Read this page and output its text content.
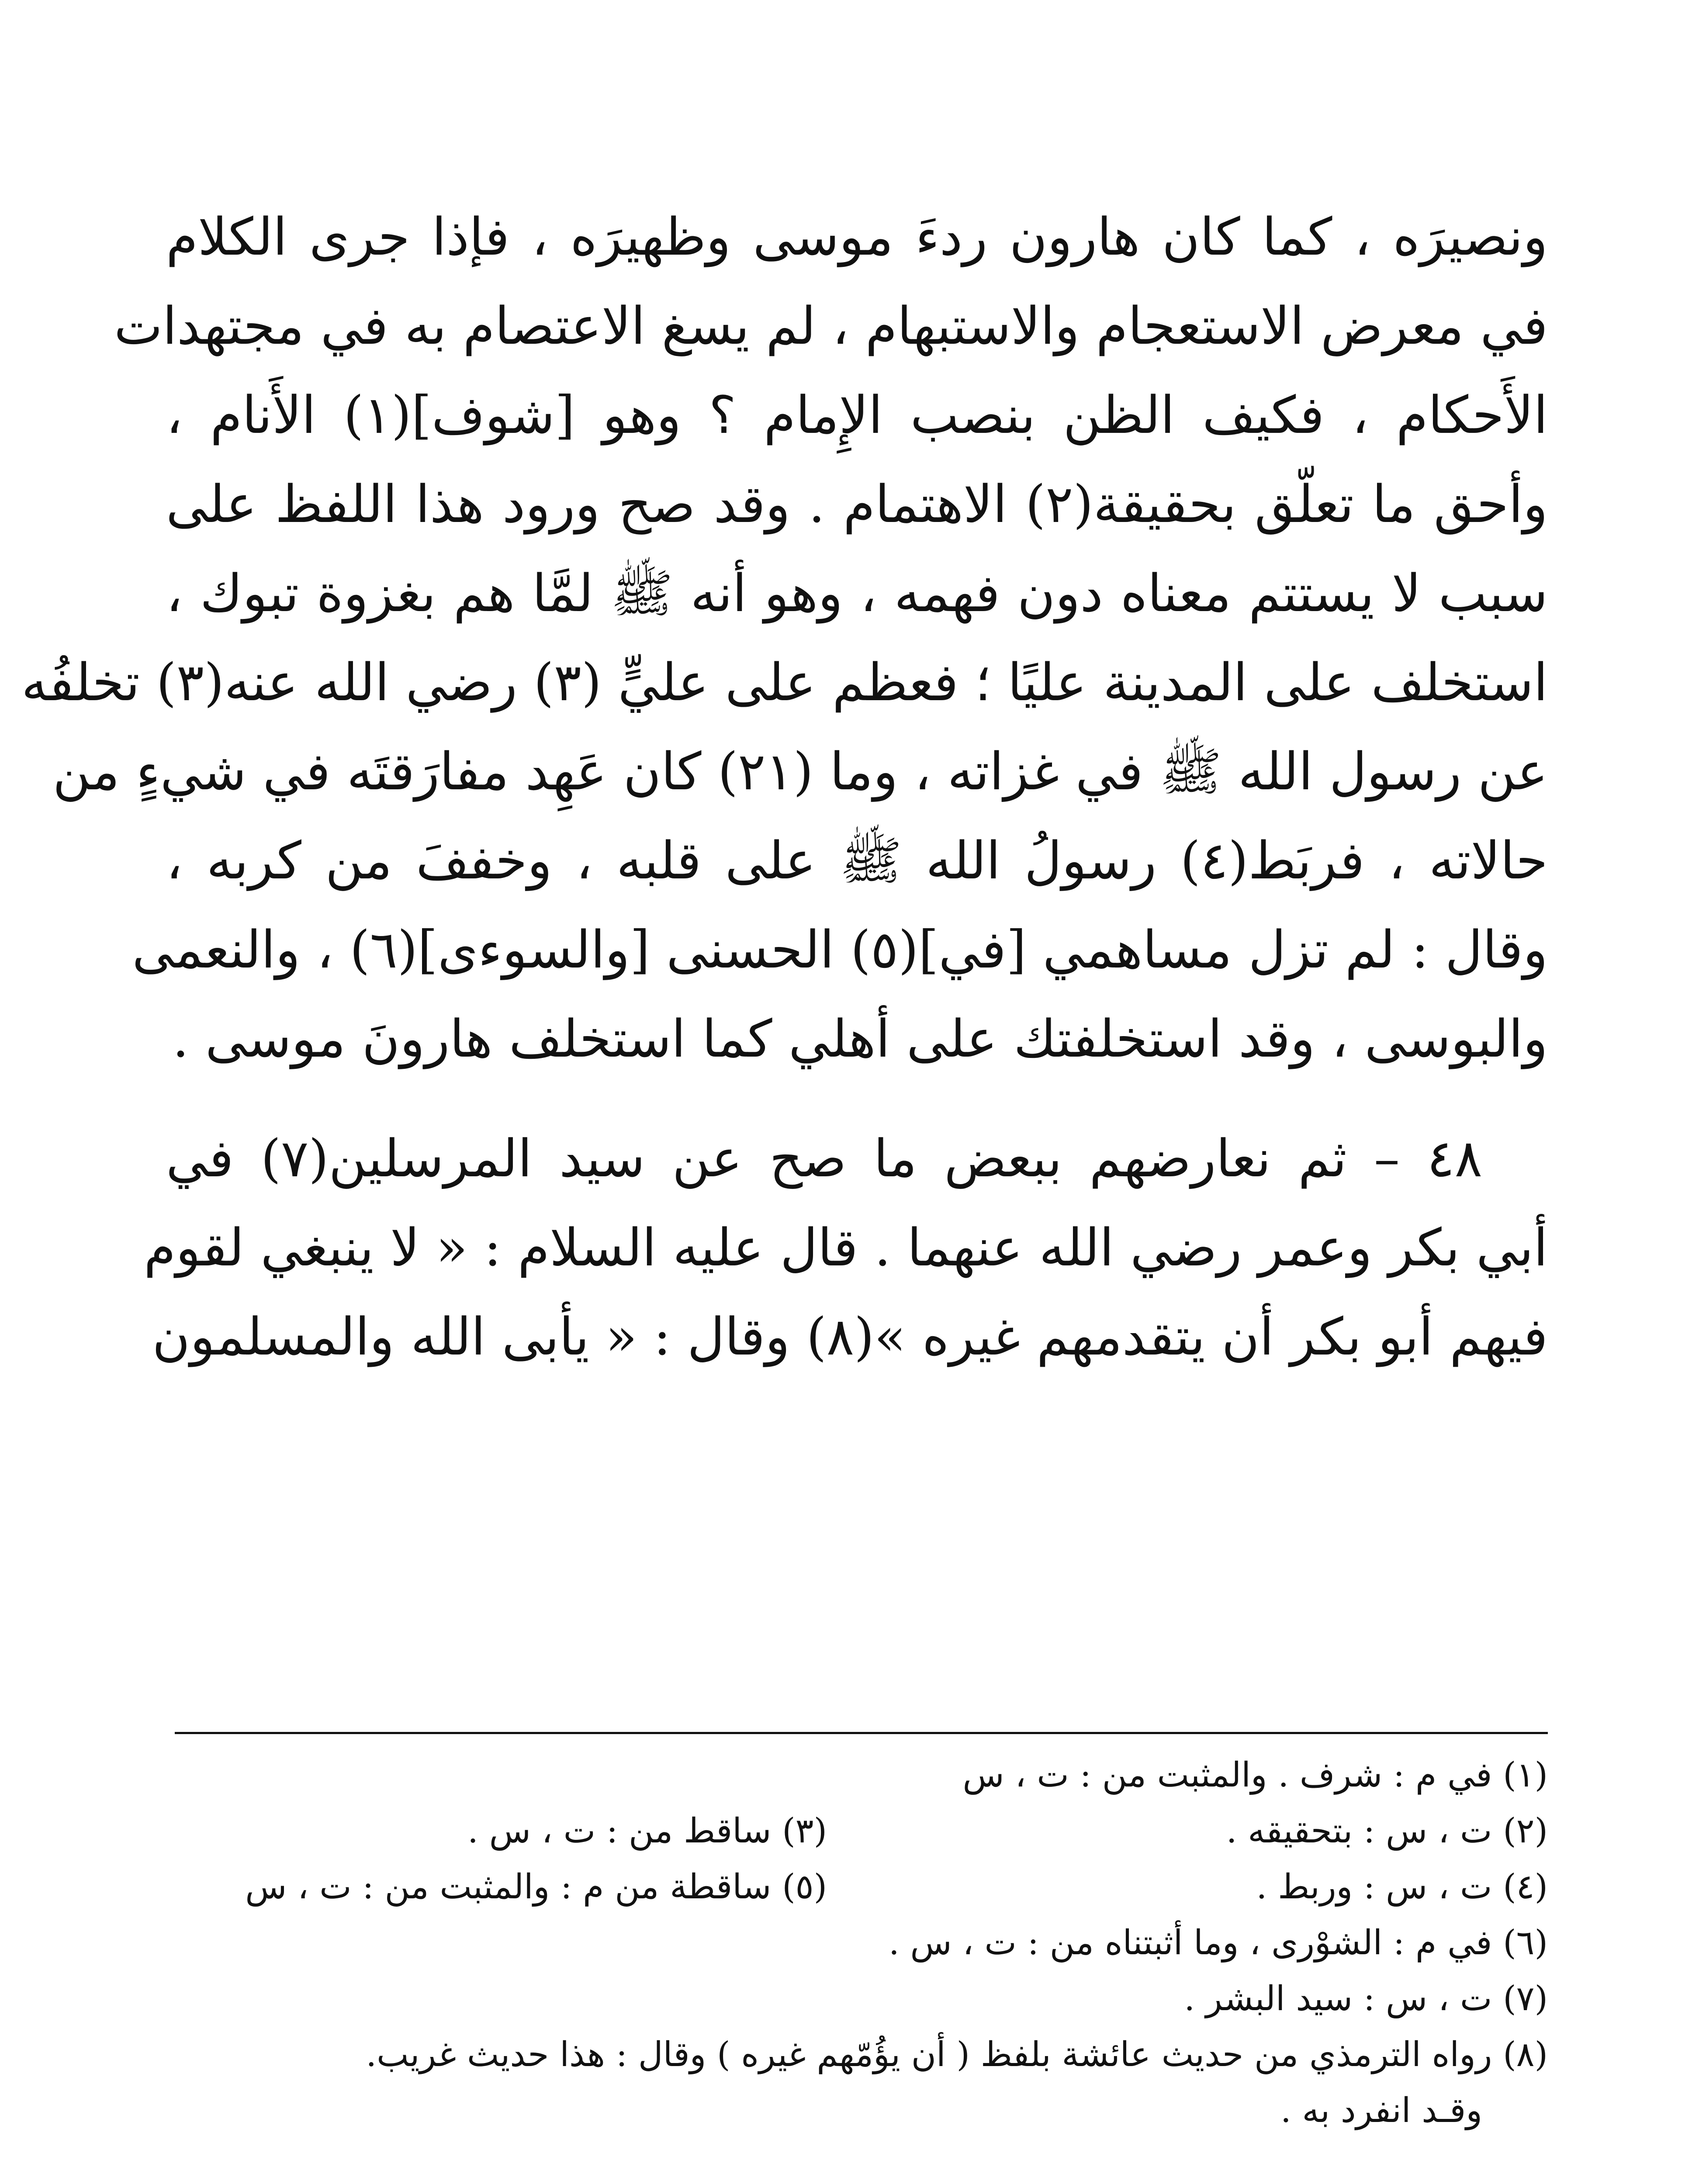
ونصيرَه ، كما كان هارون ردءَ موسى وظهيرَه ، فإذا جرى الكلام
في معرض الاستعجام والاستبهام ، لم يسغ الاعتصام به في مجتهدات
الأَحكام ، فكيف الظن بنصب الإِمام ؟ وهو [شوف](١) الأَنام ،
وأحق ما تعلّق بحقيقة(٢) الاهتمام . وقد صح ورود هذا اللفظ على
سبب لا يستتم معناه دون فهمه ، وهو أنه ﷺ لمَّا هم بغزوة تبوك ،
استخلف على المدينة عليًا ؛ فعظم على عليٍّ (٣) رضي الله عنه(٣) تخلفُه
عن رسول الله ﷺ في غزاته ، وما (٢١) كان عَهِد مفارَقتَه في شيءٍ من
حالاته ، فربَط(٤) رسولُ الله ﷺ على قلبه ، وخففَ من كربه ،
وقال : لم تزل مساهمي [في](٥) الحسنى [والسوءى](٦) ، والنعمى
والبوسى ، وقد استخلفتك على أهلي كما استخلف هارونَ موسى .
٤٨ – ثم نعارضهم ببعض ما صح عن سيد المرسلين(٧) في
أبي بكر وعمر رضي الله عنهما . قال عليه السلام : « لا ينبغي لقوم
فيهم أبو بكر أن يتقدمهم غيره »(٨) وقال : « يأبى الله والمسلمون
(١) في م : شرف . والمثبت من : ت ، س
(٢) ت ، س : بتحقيقه .
(٣) ساقط من : ت ، س .
(٤) ت ، س : وربط .
(٥) ساقطة من م : والمثبت من : ت ، س
(٦) في م : الشوْرى ، وما أثبتناه من : ت ، س .
(٧) ت ، س : سيد البشر .
(٨) رواه الترمذي من حديث عائشة بلفظ ( أن يؤُمّهم غيره ) وقال : هذا حديث غريب.
وقـد انفرد به .
